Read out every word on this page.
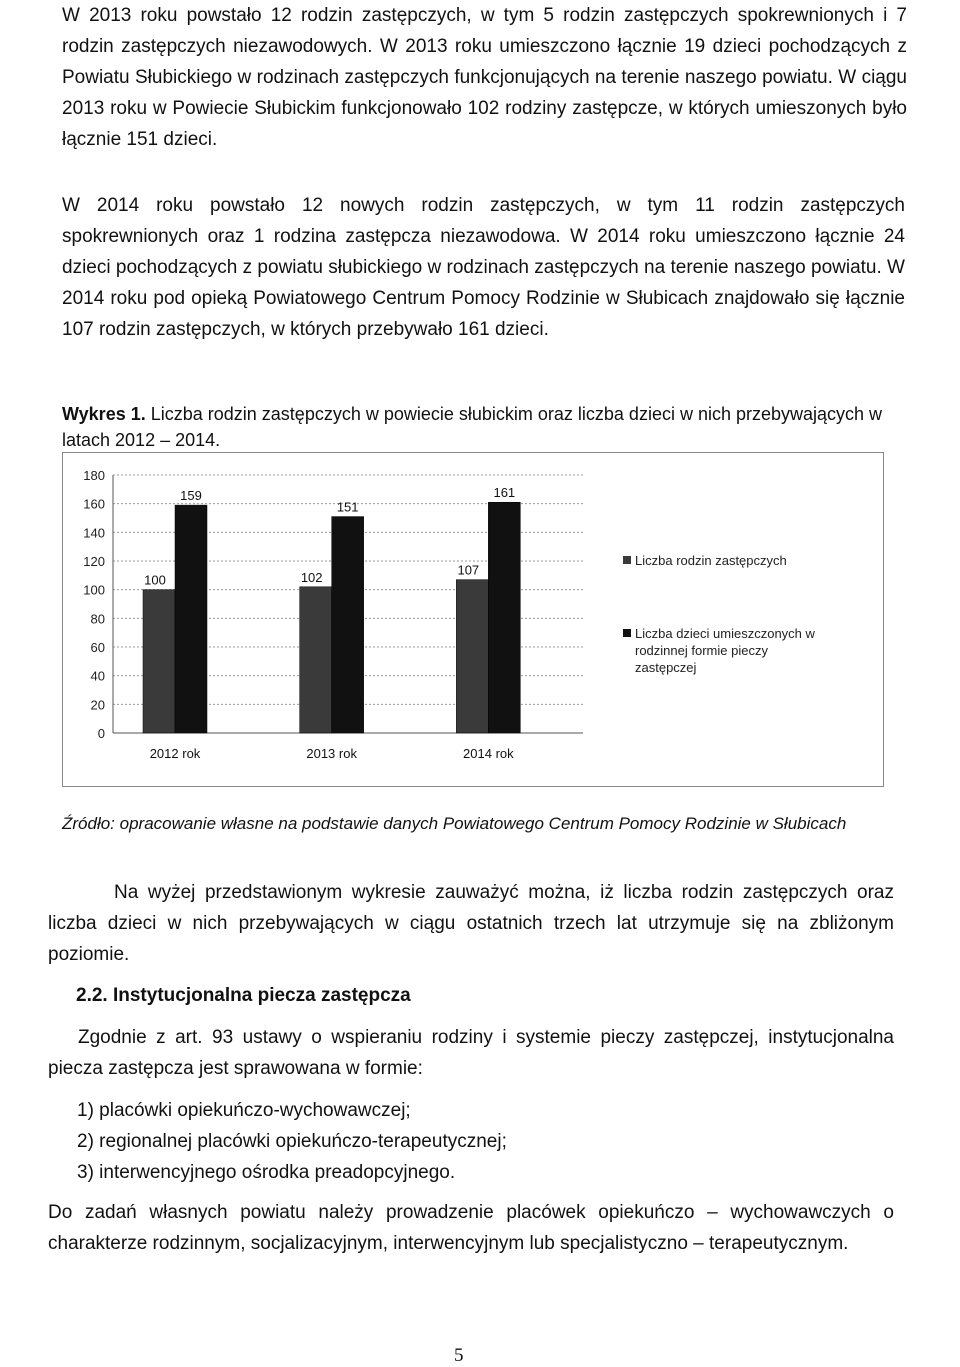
W 2013 roku powstało 12 rodzin zastępczych, w tym 5 rodzin zastępczych spokrewnionych i 7 rodzin zastępczych niezawodowych. W 2013 roku umieszczono łącznie 19 dzieci pochodzących z Powiatu Słubickiego w rodzinach zastępczych funkcjonujących na terenie naszego powiatu. W ciągu 2013 roku w Powiecie Słubickim funkcjonowało 102 rodziny zastępcze, w których umieszonych było łącznie 151 dzieci.

W 2014 roku powstało 12 nowych rodzin zastępczych, w tym 11 rodzin zastępczych spokrewnionych oraz 1 rodzina zastępcza niezawodowa. W 2014 roku umieszczono łącznie 24 dzieci pochodzących z powiatu słubickiego w rodzinach zastępczych na terenie naszego powiatu. W 2014 roku pod opieką Powiatowego Centrum Pomocy Rodzinie w Słubicach znajdowało się łącznie 107 rodzin zastępczych, w których przebywało 161 dzieci.

Wykres 1. Liczba rodzin zastępczych w powiecie słubickim oraz liczba dzieci w nich przebywających w latach 2012 – 2014.

0
20
40
60
80
100
120
140
160
180
100
159
2012 rok
102
151
2013 rok
107
161
2014 rok
Liczba rodzin zastępczych
Liczba dzieci umieszczonych w rodzinnej formie pieczy zastępczej

Źródło: opracowanie własne na podstawie danych Powiatowego Centrum Pomocy Rodzinie w Słubicach

Na wyżej przedstawionym wykresie zauważyć można, iż liczba rodzin zastępczych oraz liczba dzieci w nich przebywających w ciągu ostatnich trzech lat utrzymuje się na zbliżonym poziomie.

2.2. Instytucjonalna piecza zastępcza

Zgodnie z art. 93 ustawy o wspieraniu rodziny i systemie pieczy zastępczej, instytucjonalna piecza zastępcza jest sprawowana w formie:

1) placówki opiekuńczo-wychowawczej;
2) regionalnej placówki opiekuńczo-terapeutycznej;
3) interwencyjnego ośrodka preadopcyjnego.

Do zadań własnych powiatu należy prowadzenie placówek opiekuńczo – wychowawczych o charakterze rodzinnym, socjalizacyjnym, interwencyjnym lub specjalistyczno – terapeutycznym.

5
